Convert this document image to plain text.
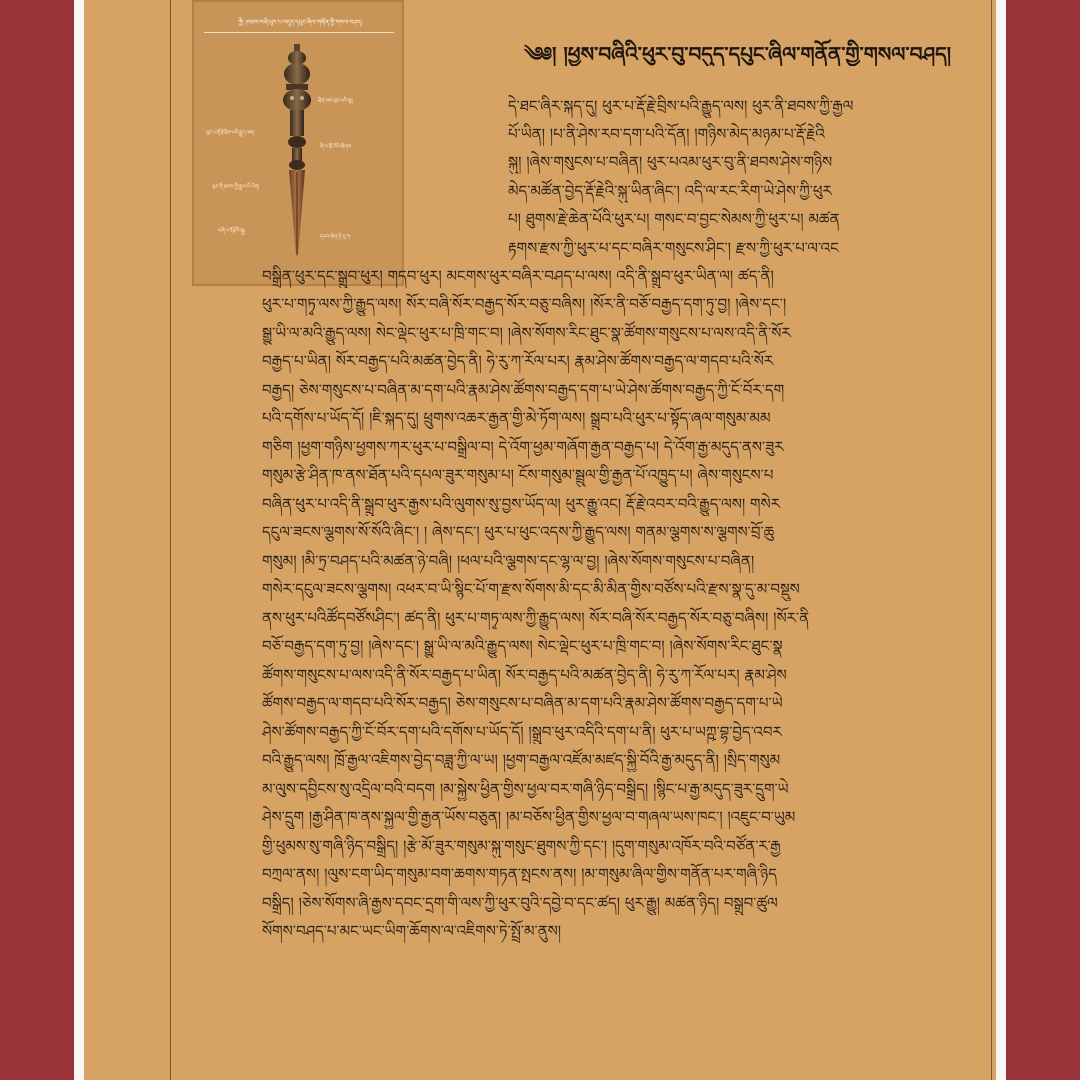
ཀྱཻ། །བཅས་བཞི་ཕུར་པ་བདུད་དཔུང་ཞིལ་གནོན་གྱི་གསལ་བཤད།
ཕུར་པ་རྡོ་རྗེ་བྲིས་པའི་རྒྱུད་ལས།
ཕུར་ནི་ཐབས་ཀྱི་རྒྱལ་པོ་ཡིན།
བཞི་པ་རྡོ་རྗེའི་སྐུ།
ཕྲིན་ལས་ཕུར་པའི་ལྷ།
ཞི་བ་ཁྲོ་བོའི་ཚོགས་
དཔལ་ཆེན་ཧེ་རུ་ཀ
༄༅། །ཕྱས་བཞིའི་ཕུར་བུ་བདུད་དཔུང་ཞིལ་གནོན་གྱི་གསལ་བཤད།
དེ་ཐང་ཞིར་སྐད་དུ། ཕུར་པ་རྡོ་རྗེ་བྲིས་པའི་རྒྱུད་ལས། ཕུར་ནི་ཐབས་ཀྱི་རྒྱལ
པོ་ཡིན། །པ་ནི་ཤེས་རབ་དག་པའི་དོན། །གཉིས་མེད་མཉམ་པ་རྡོ་རྗེའི
སྐུ། །ཞེས་གསུངས་པ་བཞིན། ཕུར་པའམ་ཕུར་བུ་ནི་ཐབས་ཤེས་གཉིས
མེད་མཚོན་བྱེད་རྡོ་རྗེའི་སྐུ་ཡིན་ཞིང་། འདི་ལ་རང་རིག་ཡེ་ཤེས་ཀྱི་ཕུར
པ། ཐུགས་རྗེ་ཆེན་པོའི་ཕུར་པ། གསང་བ་བྱང་སེམས་ཀྱི་ཕུར་པ། མཚན
རྟགས་རྫས་ཀྱི་ཕུར་པ་དང་བཞིར་གསུངས་ཤིང་། རྫས་ཀྱི་ཕུར་པ་ལ་འང
བསྒྲིན་ཕུར་དང་སྒྲུབ་ཕུར། གདབ་ཕུར། མངགས་ཕུར་བཞིར་བཤད་པ་ལས། འདི་ནི་སྒྲུབ་ཕུར་ཡིན་ལ། ཚད་ནི།
ཕུར་པ་གཏྭ་ལས་ཀྱི་རྒྱུད་ལས། སོར་བཞི་སོར་བརྒྱད་སོར་བཅུ་བཞིས། །སོར་ནི་བཅོ་བརྒྱད་དག་ཏུ་བྱ། །ཞེས་དང་།
སྒྱུ་ཡི་ལ་མའི་རྒྱུད་ལས། སེང་ལྡེང་ཕུར་པ་ཁྲི་གང་བ། །ཞེས་སོགས་རིང་ཐུང་སྣ་ཚོགས་གསུངས་པ་ལས་འདི་ནི་སོར
བརྒྱད་པ་ཡིན། སོར་བརྒྱད་པའི་མཚན་བྱེད་ནི། ཧེ་རུ་ཀ་རོལ་པར། རྣམ་ཤེས་ཚོགས་བརྒྱད་ལ་གདབ་པའི་སོར
བརྒྱད། ཅེས་གསུངས་པ་བཞིན་མ་དག་པའི་རྣམ་ཤེས་ཚོགས་བརྒྱད་དག་པ་ཡེ་ཤེས་ཚོགས་བརྒྱད་ཀྱི་ངོ་བོར་དག
པའི་དགོས་པ་ཡོད་དོ། །ཇི་སྐད་དུ། ཕྲུགས་འཆར་རྒྱན་གྱི་མེ་ཏོག་ལས། སྒྲུབ་པའི་ཕུར་པ་སྟོད་ཞལ་གསུམ་མམ
གཅིག །ཕྱག་གཉིས་ཕྱགས་ཀར་ཕུར་པ་བསྒྲིལ་བ། དེ་འོག་ཕྱམ་གཞོག་རྒྱན་བརྒྱད་པ། དེ་འོག་རྒྱ་མདུད་ནས་ཟུར
གསུམ་རྩེ་ཤིན་ཁ་ནས་ཐོན་པའི་དཔལ་ཟུར་གསུམ་པ། ངོས་གསུམ་སྦྲུལ་གྱི་རྒྱན་པོ་འཁྱུད་པ། ཞེས་གསུངས་པ
བཞིན་ཕུར་པ་འདི་ནི་སྒྲུབ་ཕུར་རྒྱས་པའི་ལུགས་སུ་བྱས་ཡོད་ལ། ཕུར་རྒྱུ་འང། རྡོ་རྗེ་འབར་བའི་རྒྱུད་ལས། གསེར
དངུལ་ཟངས་ལྕགས་སོ་སོའི་ཞིང་། ། ཞེས་དང་། ཕུར་པ་ཕུང་འདས་ཀྱི་རྒྱུད་ལས། གནམ་ལྕགས་ས་ལྕགས་བྲོ་ཆུ
གསུམ། །མི་ཏྲ་བཤད་པའི་མཚན་ཉེ་བཞི། །ཕལ་པའི་ལྕགས་དང་ལྷ་ལ་བྱ། །ཞེས་སོགས་གསུངས་པ་བཞིན།
གསེར་དངུལ་ཟངས་ལྕགས། འཕར་བ་ཡི་སྙིང་པོ་ག་རྫས་སོགས་མི་དང་མི་མིན་གྱིས་བཙོས་པའི་རྫས་སྣ་དུ་མ་བསྡུས
ནས་ཕུར་པའིཚོདབཙོསཤིང་། ཚད་ནི། ཕུར་པ་གཏྭ་ལས་ཀྱི་རྒྱུད་ལས། སོར་བཞི་སོར་བརྒྱད་སོར་བཅུ་བཞིས། །སོར་ནི
བཅོ་བརྒྱད་དག་ཏུ་བྱ། །ཞེས་དང་། སྒྱུ་ཡི་ལ་མའི་རྒྱུད་ལས། སེང་ལྡེང་ཕུར་པ་ཁྲི་གང་བ། །ཞེས་སོགས་རིང་ཐུང་སྣ
ཚོགས་གསུངས་པ་ལས་འདི་ནི་སོར་བརྒྱད་པ་ཡིན། སོར་བརྒྱད་པའི་མཚན་བྱེད་ནི། ཧེ་རུ་ཀ་རོལ་པར། རྣམ་ཤེས
ཚོགས་བརྒྱད་ལ་གདབ་པའི་སོར་བརྒྱད། ཅེས་གསུངས་པ་བཞིན་མ་དག་པའི་རྣམ་ཤེས་ཚོགས་བརྒྱད་དག་པ་ཡེ
ཤེས་ཚོགས་བརྒྱད་ཀྱི་ངོ་བོར་དག་པའི་དགོས་པ་ཡོད་དོ། །སྒྲུབ་ཕུར་འདིའི་དག་པ་ནི། ཕུར་པ་ཡཀྵ་བྷ་བྱེད་འབར
བའི་རྒྱུད་ལས། ཁྲོ་རྒྱལ་འཇིགས་བྱེད་བཟླ་ཀྱི་ལ་ཡ། །ཕྱག་བརྒྱལ་འཛོམ་མཛད་སྐྱི་བོའི་རྒྱ་མདུད་ནི། །སྲིད་གསུམ
མ་ལུས་དབྱིངས་སུ་འདྲིལ་བའི་བདག །མ་སྐྱེས་ཕྱིན་གྱིས་ཕྱལ་བར་གཞི་ཉིད་བསྒྲིད། །སྙིང་པ་རྒྱ་མདུད་ཟུར་དྲུག་ཡེ
ཤེས་དྲུག །རྒྱ་ཤིན་ཁ་ནས་སྐྱལ་གྱི་རྒྱན་ཡོས་བཅུན། །མ་བཅོས་ཕྱིན་གྱིས་ཕྱལ་བ་གཞལ་ཡས་ཁང་། །འཇུང་བ་ཡུམ
གྱི་ཕུམས་སུ་གཞི་ཉིད་བསྒྲིད། །རྩེ་མོ་ཟུར་གསུམ་སྐུ་གསུང་ཐུགས་ཀྱི་དང་། །དུག་གསུམ་འཁོར་བའི་བཙོན་ར་རྒྱ
བཀྲལ་ནས། །ལུས་ངག་ཡིད་གསུམ་བག་ཆགས་གཏན་སྤངས་ནས། །མ་གསུམ་ཞིལ་གྱིས་གནོན་པར་གཞི་ཉིད
བསྒྲིད། །ཅེས་སོགས་ཞི་རྒྱས་དབང་དྲག་གི་ལས་ཀྱི་ཕུར་བུའི་དབྱེ་བ་དང་ཚད། ཕུར་རྒྱུ། མཚན་ཉིད། བསྒྲུབ་ཚུལ
སོགས་བཤད་པ་མང་ཡང་ཡིག་ཆོགས་ལ་འཇིགས་ཏེ་སྤྲོ་མ་ནུས།
